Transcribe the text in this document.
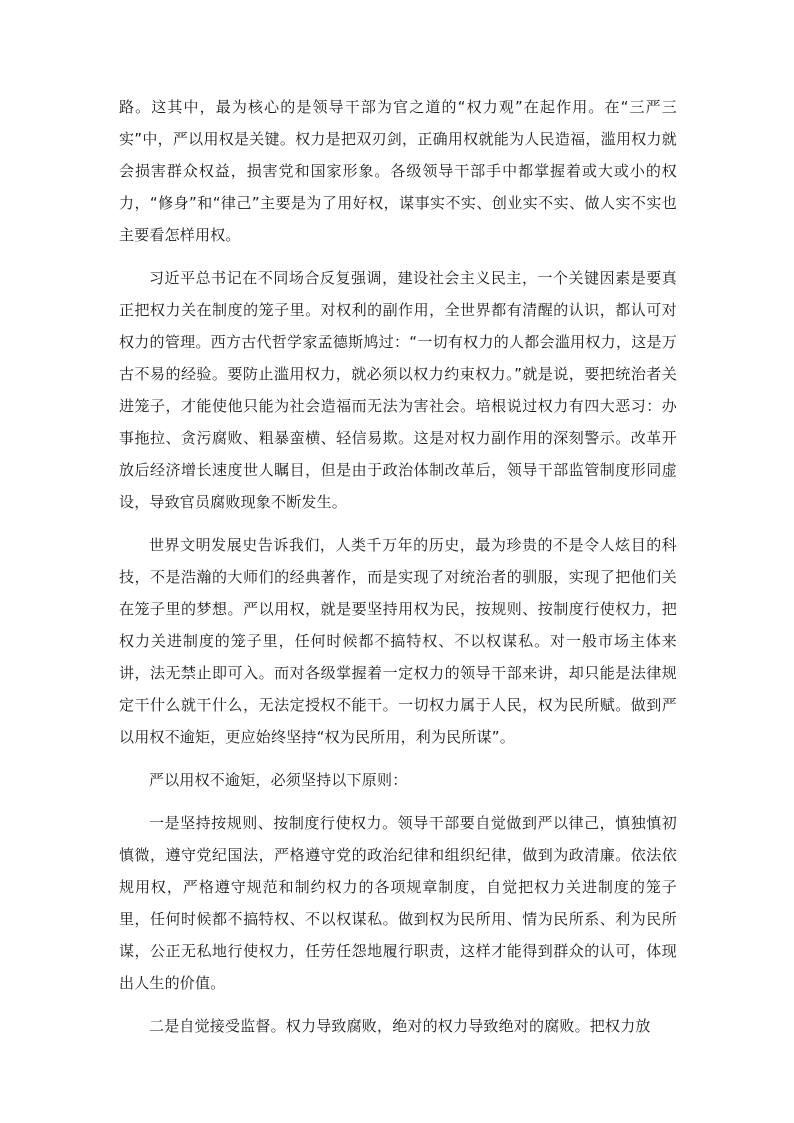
路。这其中，最为核心的是领导干部为官之道的“权力观”在起作用。在“三严三实”中，严以用权是关键。权力是把双刃剑，正确用权就能为人民造福，滥用权力就会损害群众权益，损害党和国家形象。各级领导干部手中都掌握着或大或小的权力，“修身”和“律己”主要是为了用好权，谋事实不实、创业实不实、做人实不实也主要看怎样用权。

习近平总书记在不同场合反复强调，建设社会主义民主，一个关键因素是要真正把权力关在制度的笼子里。对权利的副作用，全世界都有清醒的认识，都认可对权力的管理。西方古代哲学家孟德斯鸠过：“一切有权力的人都会滥用权力，这是万古不易的经验。要防止滥用权力，就必须以权力约束权力。”就是说，要把统治者关进笼子，才能使他只能为社会造福而无法为害社会。培根说过权力有四大恶习：办事拖拉、贪污腐败、粗暴蛮横、轻信易欺。这是对权力副作用的深刻警示。改革开放后经济增长速度世人瞩目，但是由于政治体制改革后，领导干部监管制度形同虚设，导致官员腐败现象不断发生。

世界文明发展史告诉我们，人类千万年的历史，最为珍贵的不是令人炫目的科技，不是浩瀚的大师们的经典著作，而是实现了对统治者的驯服，实现了把他们关在笼子里的梦想。严以用权，就是要坚持用权为民，按规则、按制度行使权力，把权力关进制度的笼子里，任何时候都不搞特权、不以权谋私。对一般市场主体来讲，法无禁止即可入。而对各级掌握着一定权力的领导干部来讲，却只能是法律规定干什么就干什么，无法定授权不能干。一切权力属于人民，权为民所赋。做到严以用权不逾矩，更应始终坚持“权为民所用，利为民所谋”。

严以用权不逾矩，必须坚持以下原则：

一是坚持按规则、按制度行使权力。领导干部要自觉做到严以律己，慎独慎初慎微，遵守党纪国法，严格遵守党的政治纪律和组织纪律，做到为政清廉。依法依规用权，严格遵守规范和制约权力的各项规章制度，自觉把权力关进制度的笼子里，任何时候都不搞特权、不以权谋私。做到权为民所用、情为民所系、利为民所谋，公正无私地行使权力，任劳任怨地履行职责，这样才能得到群众的认可，体现出人生的价值。

二是自觉接受监督。权力导致腐败，绝对的权力导致绝对的腐败。把权力放
